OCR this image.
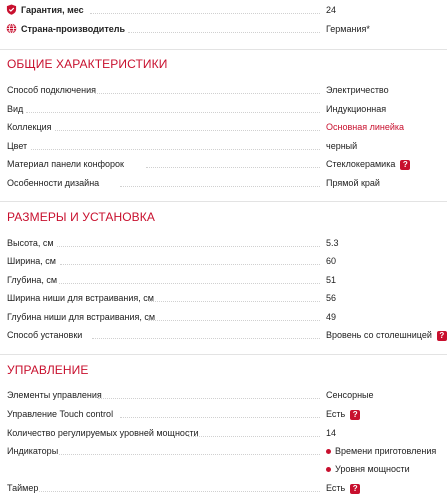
Гарантия, мес	24
Страна-производитель	Германия*
ОБЩИЕ ХАРАКТЕРИСТИКИ
Способ подключения	Электричество
Вид	Индукционная
Коллекция	Основная линейка
Цвет	черный
Материал панели конфорок	Стеклокерамика ?
Особенности дизайна	Прямой край
РАЗМЕРЫ И УСТАНОВКА
Высота, см	5.3
Ширина, см	60
Глубина, см	51
Ширина ниши для встраивания, см	56
Глубина ниши для встраивания, см	49
Способ установки	Вровень со столешницей ?
УПРАВЛЕНИЕ
Элементы управления	Сенсорные
Управление Touch control	Есть ?
Количество регулируемых уровней мощности	14
Индикаторы	Времени приготовления
Уровня мощности
Таймер	Есть ?
